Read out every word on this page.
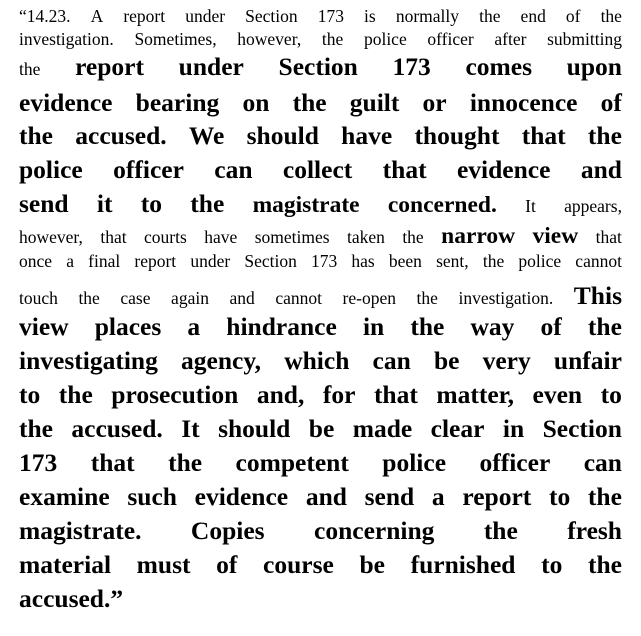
“14.23. A report under Section 173 is normally the end of the
investigation. Sometimes, however, the police officer after submitting
the report under Section 173 comes upon
evidence bearing on the guilt or innocence of
the accused. We should have thought that the
police officer can collect that evidence and
send it to the magistrate concerned. It appears,
however, that courts have sometimes taken the narrow view that
once a final report under Section 173 has been sent, the police cannot
touch the case again and cannot re-open the investigation. This
view places a hindrance in the way of the
investigating agency, which can be very unfair
to the prosecution and, for that matter, even to
the accused. It should be made clear in Section
173 that the competent police officer can
examine such evidence and send a report to the
magistrate. Copies concerning the fresh
material must of course be furnished to the
accused.”
